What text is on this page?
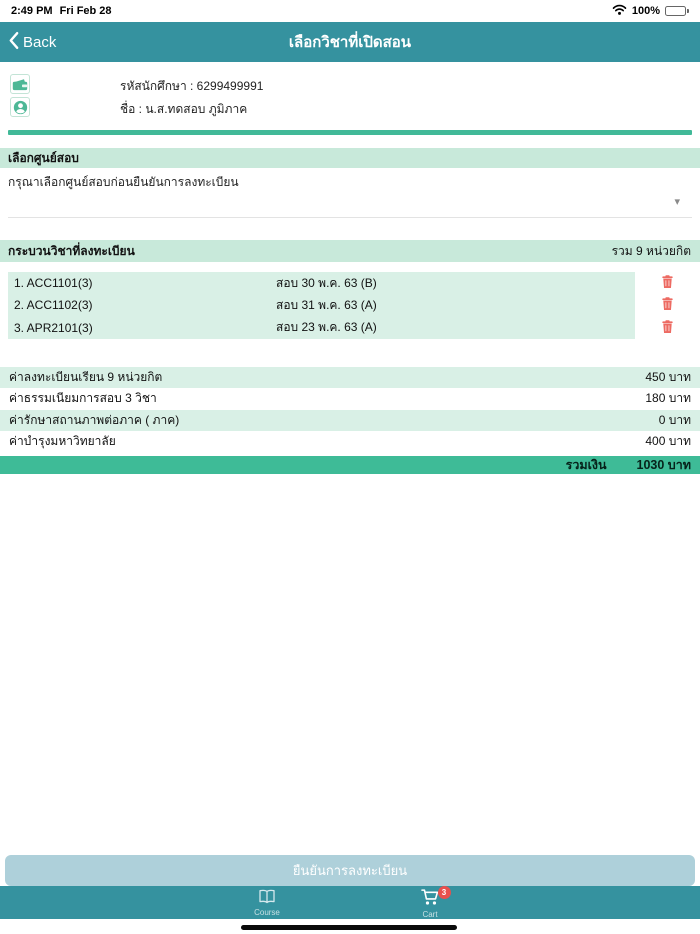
2:49 PM Fri Feb 28	100%
Back	เลือกวิชาที่เปิดสอน
รหัสนักศึกษา : 6299499991
ชื่อ : น.ส.ทดสอบ ภูมิภาค
เลือกศูนย์สอบ
กรุณาเลือกศูนย์สอบก่อนยืนยันการลงทะเบียน
▾
กระบวนวิชาที่ลงทะเบียน	รวม 9 หน่วยกิต
1. ACC1101(3)	สอบ 30 พ.ค. 63 (B)
2. ACC1102(3)	สอบ 31 พ.ค. 63 (A)
3. APR2101(3)	สอบ 23 พ.ค. 63 (A)
ค่าลงทะเบียนเรียน 9 หน่วยกิต	450 บาท
ค่าธรรมเนียมการสอบ 3 วิชา	180 บาท
ค่ารักษาสถานภาพต่อภาค ( ภาค)	0 บาท
ค่าบำรุงมหาวิทยาลัย	400 บาท
รวมเงิน 1030 บาท
ยืนยันการลงทะเบียน
Course
3
Cart
